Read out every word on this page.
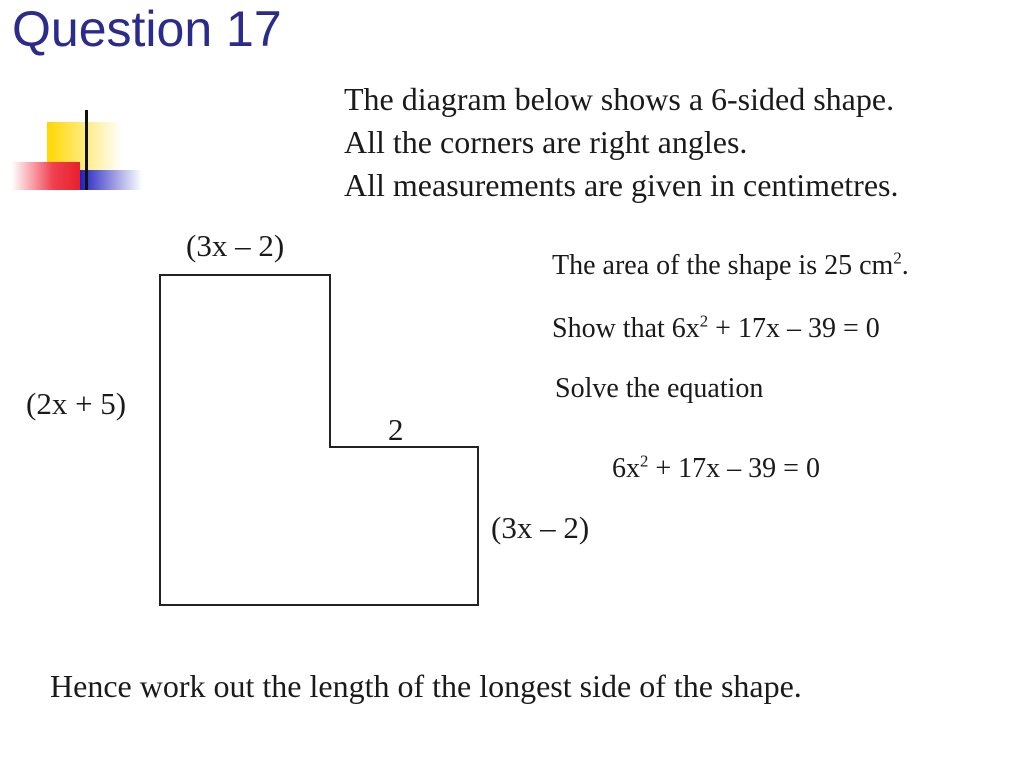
Question 17
The diagram below shows a 6-sided shape.
All the corners are right angles.
All measurements are given in centimetres.
(3x – 2)
(2x + 5)
2
(3x – 2)
The area of the shape is 25 $cm^2$.
Show that $6x^2 + 17x - 39 = 0$
Solve the equation
$6x^2 + 17x - 39 = 0$
Hence work out the length of the longest side of the shape.
